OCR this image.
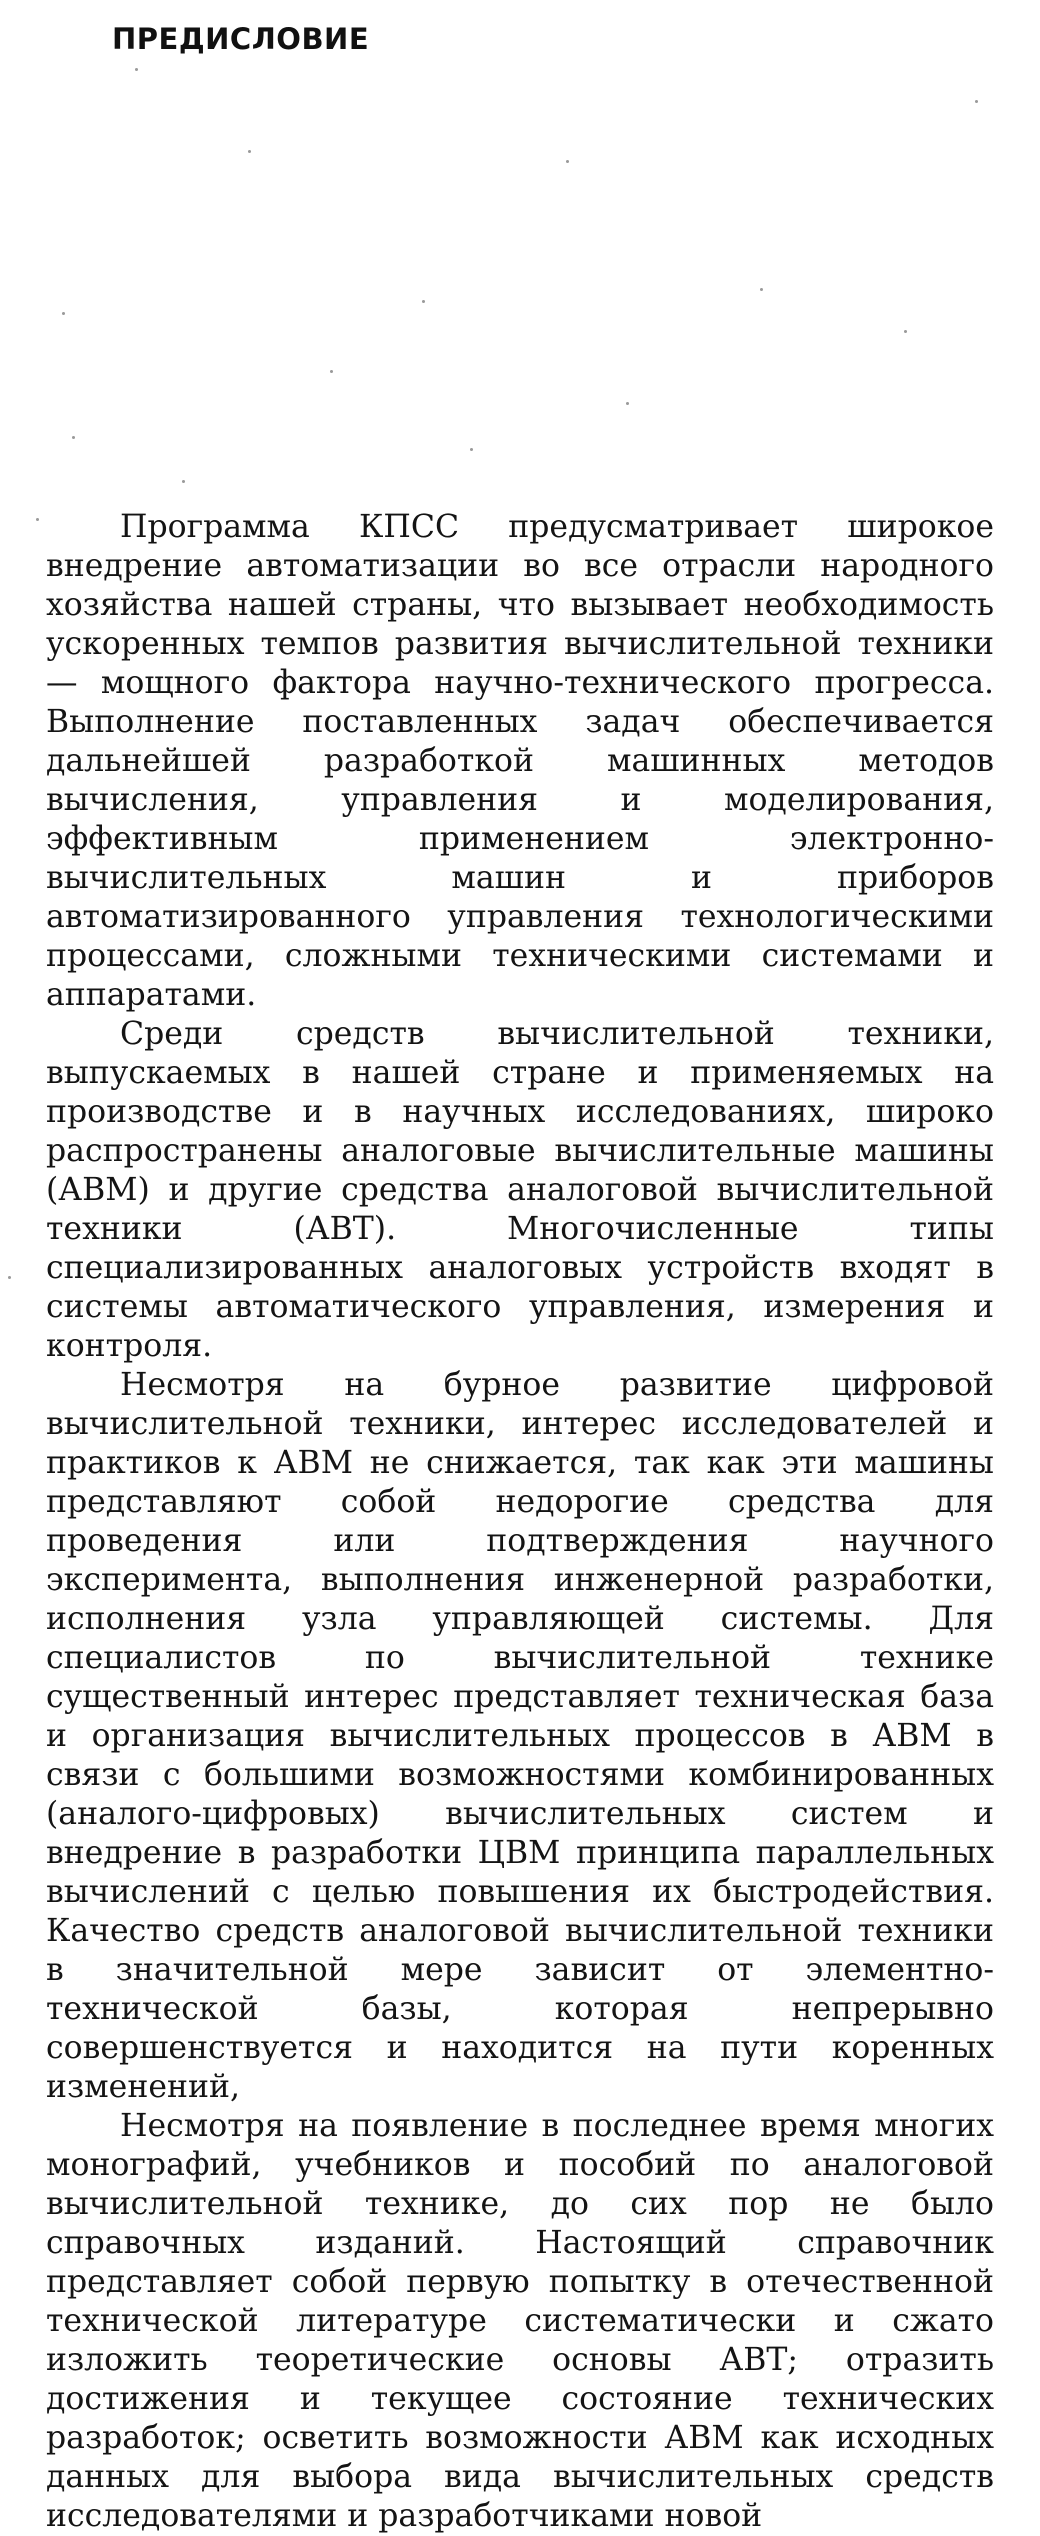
ПРЕДИСЛОВИЕ

Программа КПСС предусматривает широкое внедрение автоматизации во все отрасли народного хозяйства нашей страны, что вызывает необходимость ускоренных темпов развития вычислительной техники — мощного фактора научно-технического прогресса. Выполнение поставленных задач обеспечивается дальнейшей разработкой машинных методов вычисления, управления и моделирования, эффективным применением электронно-вычислительных машин и приборов автоматизированного управления технологическими процессами, сложными техническими системами и аппаратами.

Среди средств вычислительной техники, выпускаемых в нашей стране и применяемых на производстве и в научных исследованиях, широко распространены аналоговые вычислительные машины (АВМ) и другие средства аналоговой вычислительной техники (АВТ). Многочисленные типы специализированных аналоговых устройств входят в системы автоматического управления, измерения и контроля.

Несмотря на бурное развитие цифровой вычислительной техники, интерес исследователей и практиков к АВМ не снижается, так как эти машины представляют собой недорогие средства для проведения или подтверждения научного эксперимента, выполнения инженерной разработки, исполнения узла управляющей системы. Для специалистов по вычислительной технике существенный интерес представляет техническая база и организация вычислительных процессов в АВМ в связи с большими возможностями комбинированных (аналого-цифровых) вычислительных систем и внедрение в разработки ЦВМ принципа параллельных вычислений с целью повышения их быстродействия. Качество средств аналоговой вычислительной техники в значительной мере зависит от элементно-технической базы, которая непрерывно совершенствуется и находится на пути коренных изменений,

Несмотря на появление в последнее время многих монографий, учебников и пособий по аналоговой вычислительной технике, до сих пор не было справочных изданий. Настоящий справочник представляет собой первую попытку в отечественной технической литературе систематически и сжато изложить теоретические основы АВТ; отразить достижения и текущее состояние технических разработок; осветить возможности АВМ как исходных данных для выбора вида вычислительных средств исследователями и разработчиками новой
